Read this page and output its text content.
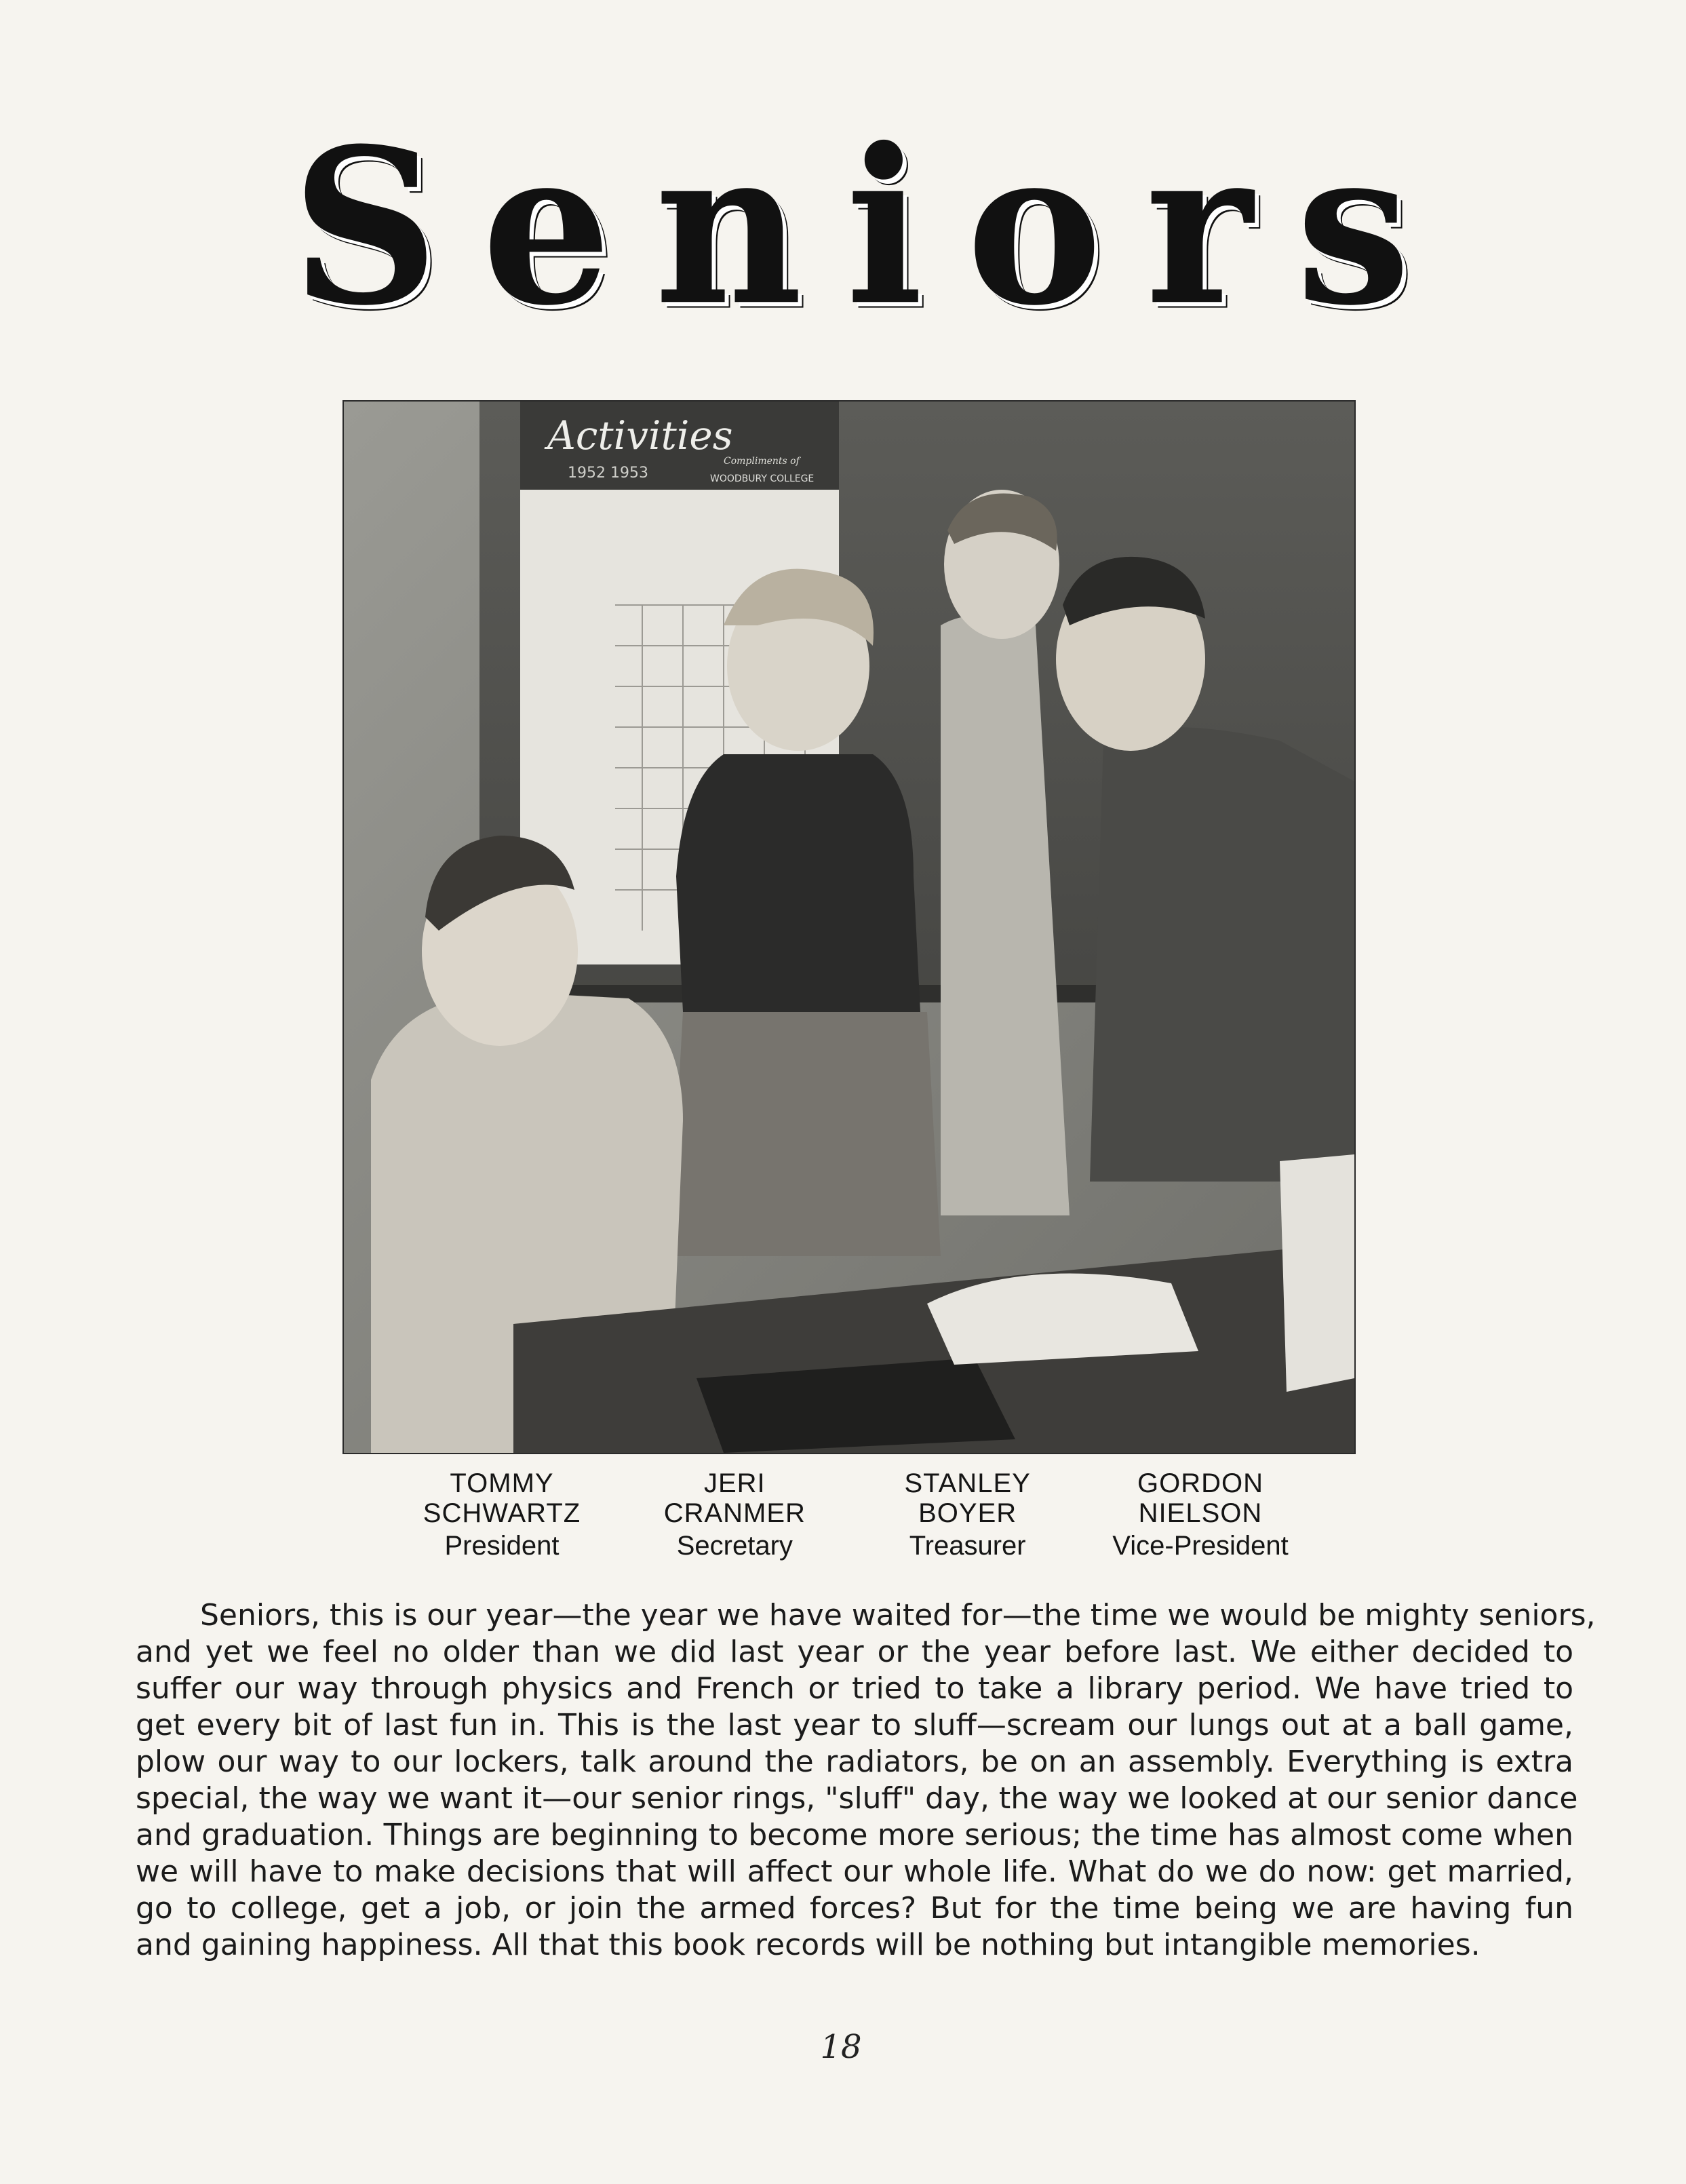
S e n i o r s
Activities
1952 1953
Compliments of
WOODBURY COLLEGE
TOMMY
SCHWARTZ
President
JERI
CRANMER
Secretary
STANLEY
BOYER
Treasurer
GORDON
NIELSON
Vice-President

Seniors, this is our year—the year we have waited for—the time we would be mighty seniors,
and yet we feel no older than we did last year or the year before last. We either decided to
suffer our way through physics and French or tried to take a library period. We have tried to
get every bit of last fun in. This is the last year to sluff—scream our lungs out at a ball game,
plow our way to our lockers, talk around the radiators, be on an assembly. Everything is extra
special, the way we want it—our senior rings, "sluff" day, the way we looked at our senior dance
and graduation. Things are beginning to become more serious; the time has almost come when
we will have to make decisions that will affect our whole life. What do we do now: get married,
go to college, get a job, or join the armed forces? But for the time being we are having fun
and gaining happiness. All that this book records will be nothing but intangible memories.

18
